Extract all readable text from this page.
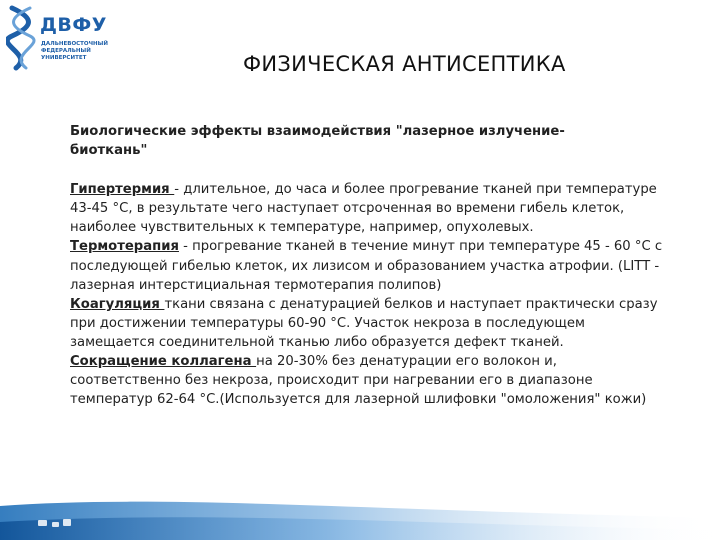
ДВФУ
ДАЛЬНЕВОСТОЧНЫЙ
ФЕДЕРАЛЬНЫЙ
УНИВЕРСИТЕТ	ФИЗИЧЕСКАЯ АНТИСЕПТИКА

Биологические эффекты взаимодействия "лазерное излучение-биоткань"

Гипертермия - длительное, до часа и более прогревание тканей при температуре 43-45 °С, в результате чего наступает отсроченная во времени гибель клеток, наиболее чувствительных к температуре, например, опухолевых.

Термотерапия - прогревание тканей в течение минут при температуре 45 - 60 °С с последующей гибелью клеток, их лизисом и образованием участка атрофии. (LITT - лазерная интерстициальная термотерапия полипов)

Коагуляция ткани связана с денатурацией белков и наступает практически сразу при достижении температуры 60-90 °С. Участок некроза в последующем замещается соединительной тканью либо образуется дефект тканей.

Сокращение коллагена на 20-30% без денатурации его волокон и, соответственно без некроза, происходит при нагревании его в диапазоне температур 62-64 °С.(Используется для лазерной шлифовки "омоложения" кожи)
